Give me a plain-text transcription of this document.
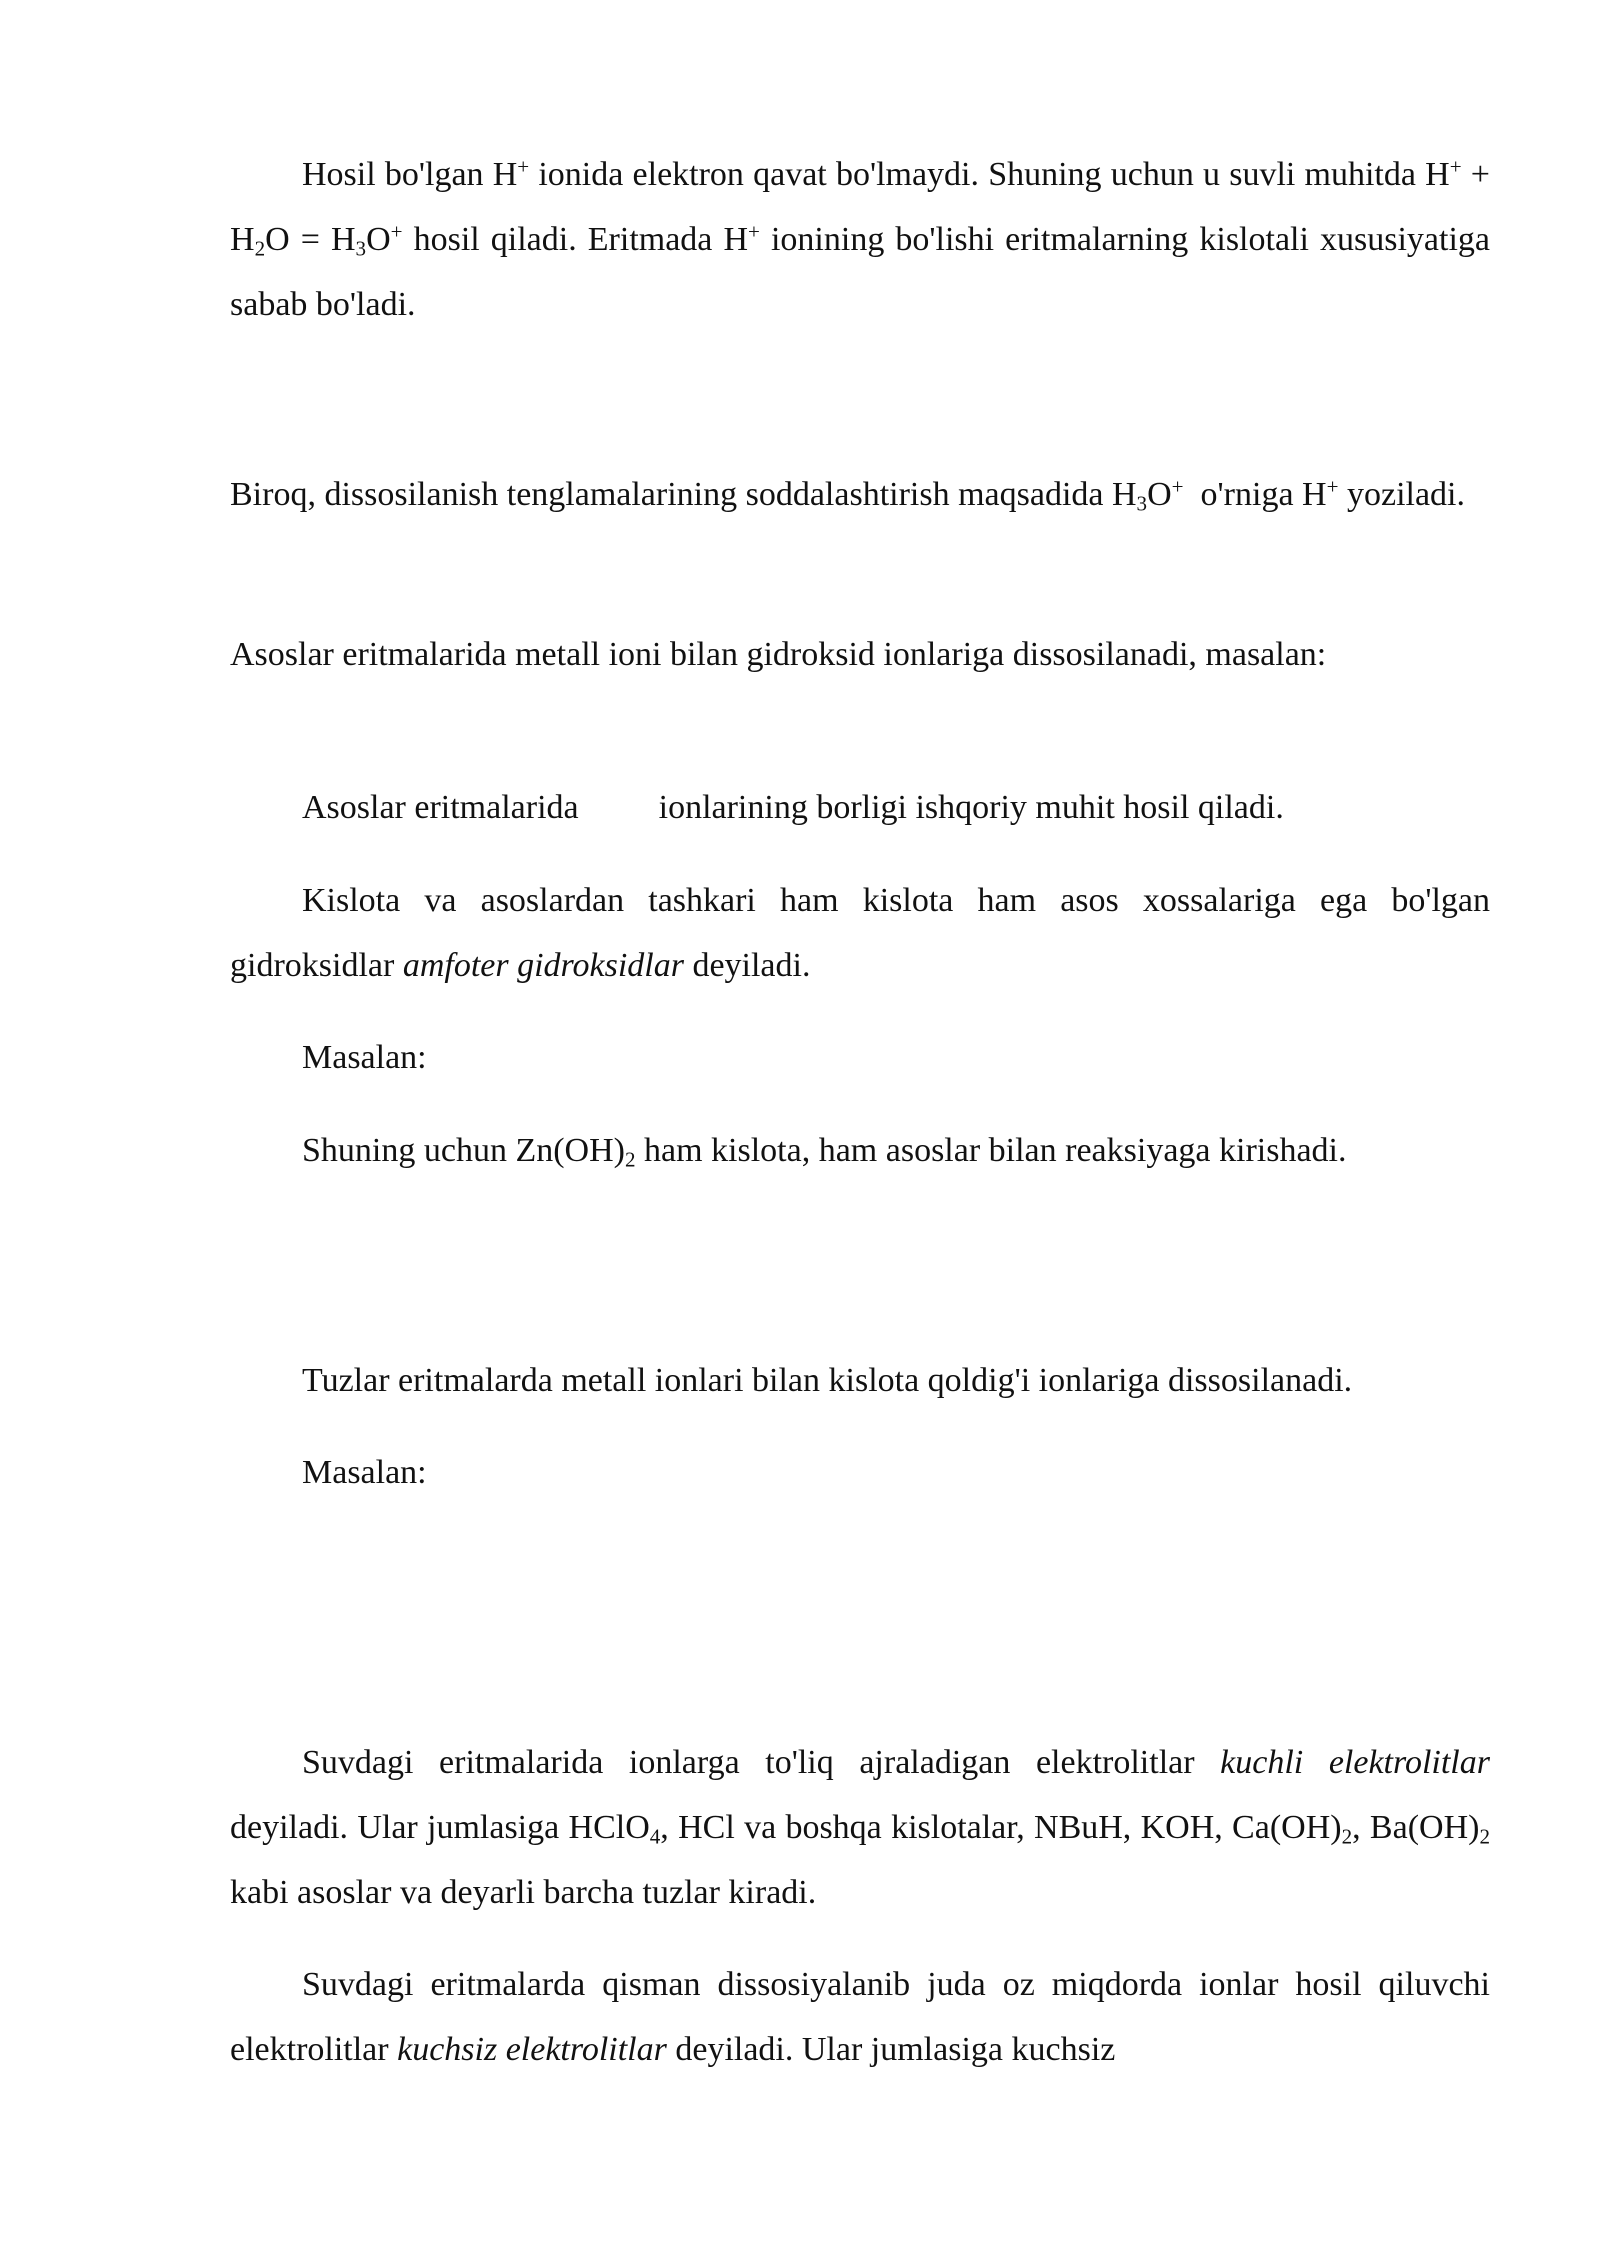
Hosil bo'lgan H+ ionida elektron qavat bo'lmaydi. Shuning uchun u suvli muhitda $H^+ + H_2O = H_3O^+$ hosil qiladi. Eritmada H+ ionining bo'lishi eritmalarning kislotali xususiyatiga sabab bo'ladi.

Biroq, dissosilanish tenglamalarining soddalashtirish maqsadida $H_3O^+$  o'rniga H+ yoziladi.

Asoslar eritmalarida metall ioni bilan gidroksid ionlariga dissosilanadi, masalan:

Asoslar eritmalarida ionlarining borligi ishqoriy muhit hosil qiladi.

Kislota va asoslardan tashkari ham kislota ham asos xossalariga ega bo'lgan gidroksidlar amfoter gidroksidlar deyiladi.

Masalan:

Shuning uchun $Zn(OH)_2$ ham kislota, ham asoslar bilan reaksiyaga kirishadi.

Tuzlar eritmalarda metall ionlari bilan kislota qoldig'i ionlariga dissosilanadi.

Masalan:

Suvdagi eritmalarida ionlarga to'liq ajraladigan elektrolitlar kuchli elektrolitlar deyiladi. Ular jumlasiga HClO$_4$, HCl va boshqa kislotalar, NBuH, KOH, $Ca(OH)_2$, $Ba(OH)_2$ kabi asoslar va deyarli barcha tuzlar kiradi.

Suvdagi eritmalarda qisman dissosiyalanib juda oz miqdorda ionlar hosil qiluvchi elektrolitlar kuchsiz elektrolitlar deyiladi. Ular jumlasiga kuchsiz
